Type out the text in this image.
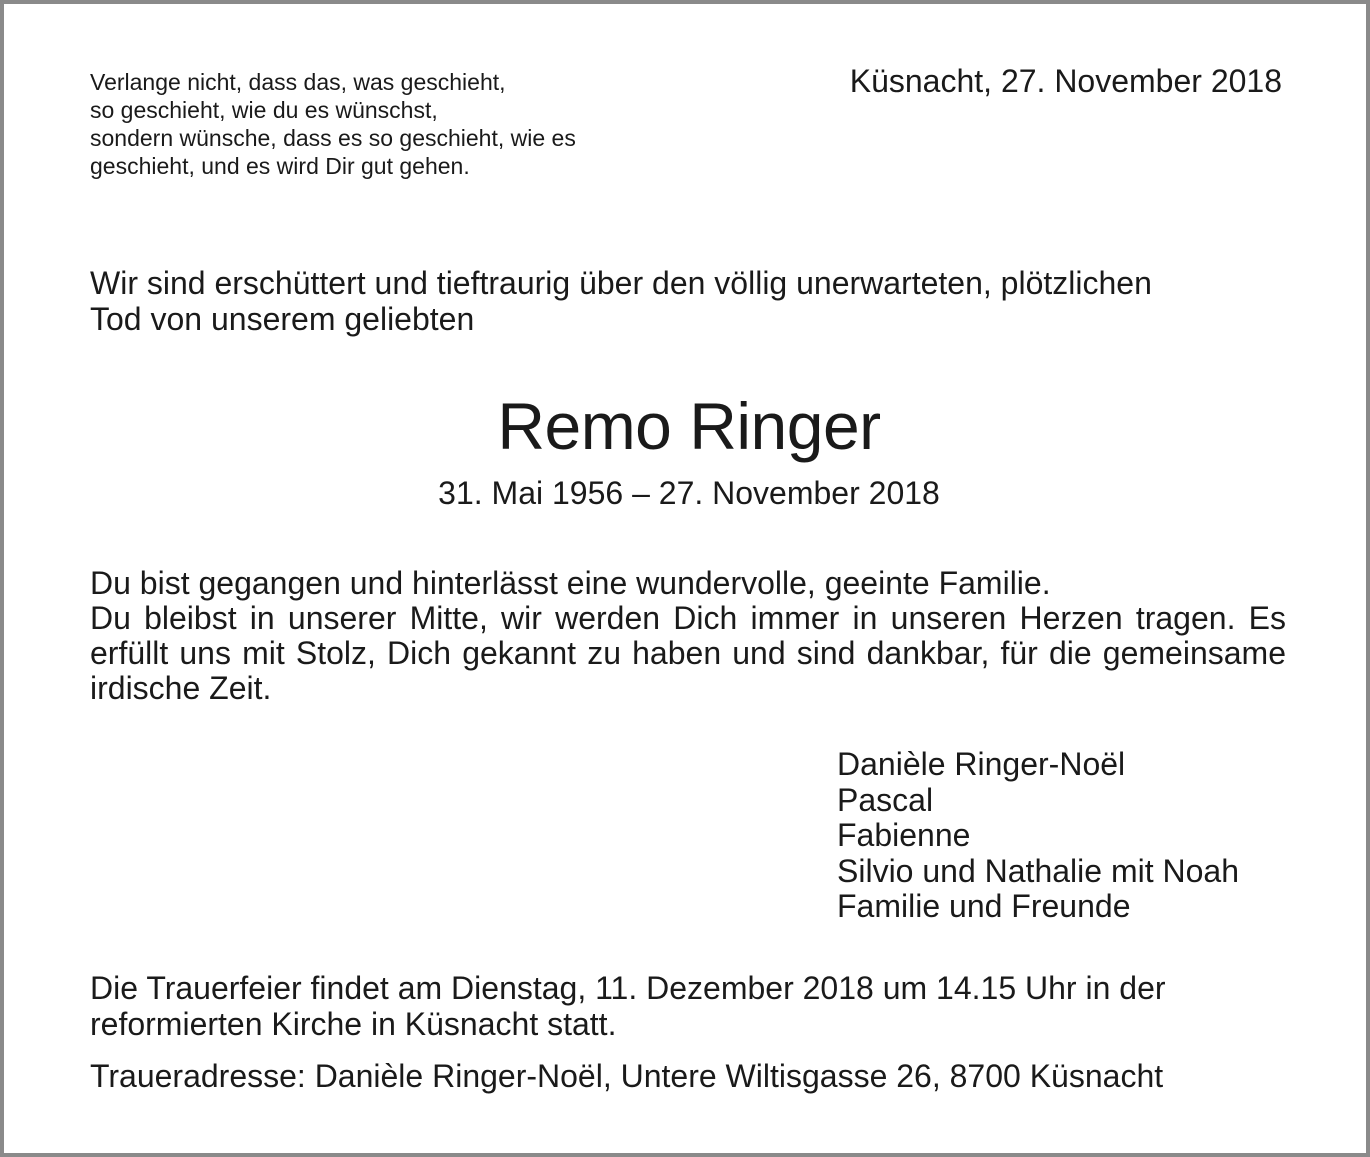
Verlange nicht, dass das, was geschieht,
so geschieht, wie du es wünschst,
sondern wünsche, dass es so geschieht, wie es
geschieht, und es wird Dir gut gehen.
Küsnacht, 27. November 2018
Wir sind erschüttert und tieftraurig über den völlig unerwarteten, plötzlichen
Tod von unserem geliebten
Remo Ringer
31. Mai 1956 – 27. November 2018

Du bist gegangen und hinterlässt eine wundervolle, geeinte Familie.

Du bleibst in unserer Mitte, wir werden Dich immer in unseren Herzen tragen. Es erfüllt uns mit Stolz, Dich gekannt zu haben und sind dankbar, für die gemeinsame irdische Zeit.

Danièle Ringer-Noël
Pascal
Fabienne
Silvio und Nathalie mit Noah
Familie und Freunde
Die Trauerfeier findet am Dienstag, 11. Dezember 2018 um 14.15 Uhr in der
reformierten Kirche in Küsnacht statt.
Traueradresse: Danièle Ringer-Noël, Untere Wiltisgasse 26, 8700 Küsnacht
